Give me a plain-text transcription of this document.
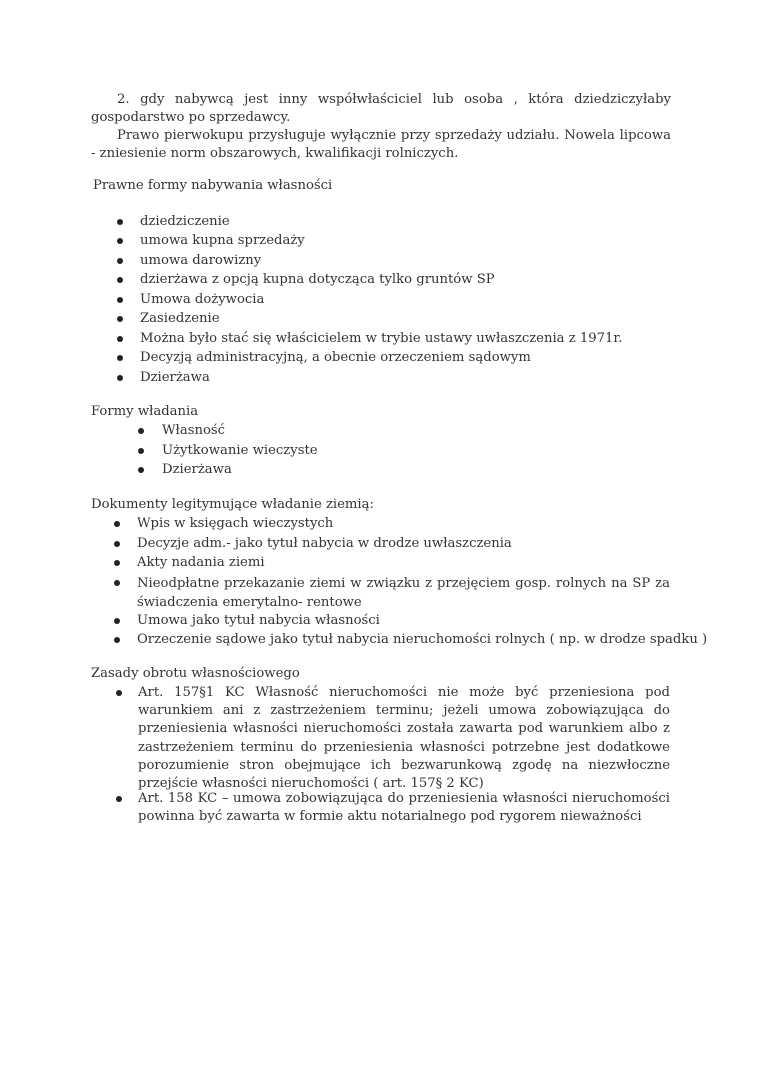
2. gdy nabywcą jest inny współwłaściciel lub osoba , która dziedziczyłaby gospodarstwo po sprzedawcy.
Prawo pierwokupu przysługuje wyłącznie przy sprzedaży udziału. Nowela lipcowa - zniesienie norm obszarowych, kwalifikacji rolniczych.
Prawne formy nabywania własności
dziedziczenie
umowa kupna sprzedaży
umowa darowizny
dzierżawa z opcją kupna dotycząca tylko gruntów SP
Umowa dożywocia
Zasiedzenie
Można było stać się właścicielem w trybie ustawy uwłaszczenia z 1971r.
Decyzją administracyjną, a obecnie orzeczeniem sądowym
Dzierżawa
Formy władania
Własność
Użytkowanie wieczyste
Dzierżawa
Dokumenty legitymujące władanie ziemią:
Wpis w księgach wieczystych
Decyzje adm.- jako tytuł nabycia w drodze uwłaszczenia
Akty nadania ziemi
Nieodpłatne przekazanie ziemi w związku z przejęciem gosp. rolnych na SP za świadczenia emerytalno- rentowe
Umowa jako tytuł nabycia własności
Orzeczenie sądowe jako tytuł nabycia nieruchomości rolnych ( np. w drodze spadku )
Zasady obrotu własnościowego
Art. 157§1 KC Własność nieruchomości nie może być przeniesiona pod warunkiem ani z zastrzeżeniem terminu; jeżeli umowa zobowiązująca do przeniesienia własności nieruchomości została zawarta pod warunkiem albo z zastrzeżeniem terminu do przeniesienia własności potrzebne jest dodatkowe porozumienie stron obejmujące ich bezwarunkową zgodę na niezwłoczne przejście własności nieruchomości ( art. 157§ 2 KC)
Art. 158 KC – umowa zobowiązująca do przeniesienia własności nieruchomości powinna być zawarta w formie aktu notarialnego pod rygorem nieważności
